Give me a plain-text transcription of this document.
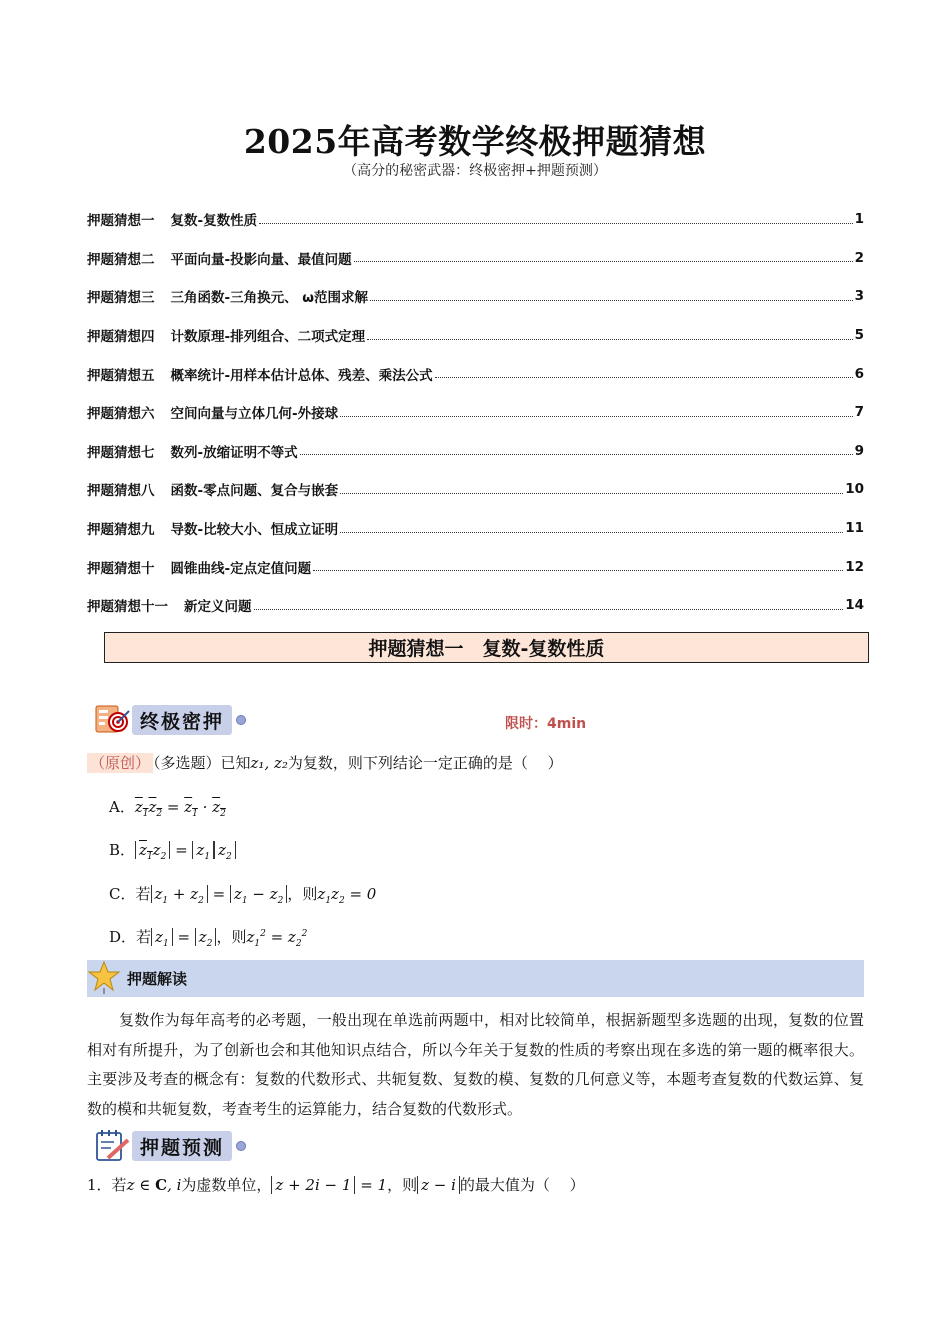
2025年高考数学终极押题猜想
（高分的秘密武器：终极密押+押题预测）
押题猜想一 复数-复数性质	1
押题猜想二 平面向量-投影向量、最值问题	2
押题猜想三 三角函数-三角换元、 ω范围求解	3
押题猜想四 计数原理-排列组合、二项式定理	5
押题猜想五 概率统计-用样本估计总体、残差、乘法公式	6
押题猜想六 空间向量与立体几何-外接球	7
押题猜想七 数列-放缩证明不等式	9
押题猜想八 函数-零点问题、复合与嵌套	10
押题猜想九 导数-比较大小、恒成立证明	11
押题猜想十 圆锥曲线-定点定值问题	12
押题猜想十一 新定义问题	14
押题猜想一　复数-复数性质
终极密押	限时：4min
（原创） （多选题）已知z₁, z₂为复数，则下列结论一定正确的是（　 ）
A．$z_1z_2 = z_1 \cdot z_2$
B． $z_1z_2 = z_1$ $z_2$
C．若 $z_1 + z_2 = z_1 - z_2$ ，则$z_1z_2 = 0$
D．若 $z_1 = z_2$ ，则$z_1^2 = z_2^2$
押题解读
复数作为每年高考的必考题，一般出现在单选前两题中，相对比较简单，根据新题型多选题的出现，复数的位置相对有所提升，为了创新也会和其他知识点结合，所以今年关于复数的性质的考察出现在多选的第一题的概率很大。主要涉及考查的概念有：复数的代数形式、共轭复数、复数的模、复数的几何意义等，本题考查复数的代数运算、复数的模和共轭复数，考查考生的运算能力，结合复数的代数形式。
押题预测
1．若z ∈ C, i为虚数单位， z + 2i − 1 = 1，则 z − i 的最大值为（　 ）
